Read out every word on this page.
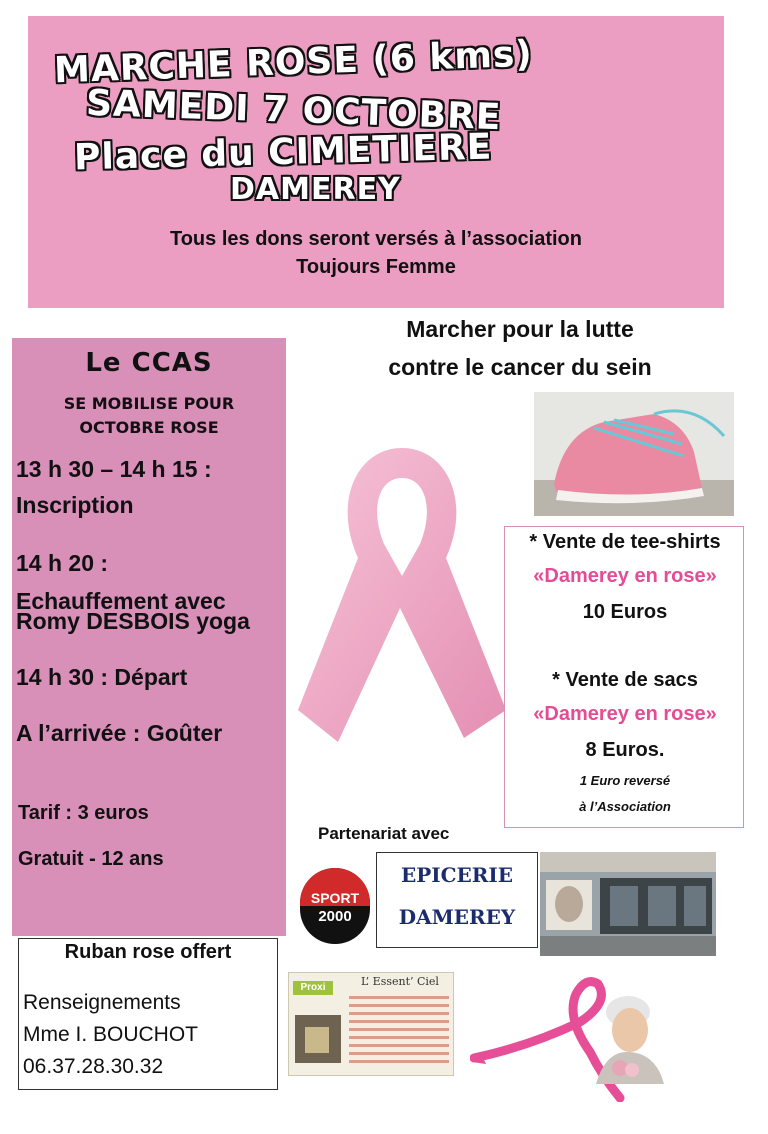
MARCHE ROSE (6 kms)
SAMEDI 7 OCTOBRE
Place du CIMETIERE
DAMEREY
Tous les dons seront versés à l’association
Toujours Femme
Marcher pour la lutte
contre le cancer du sein
Le CCAS
SE MOBILISE POUR
OCTOBRE ROSE
13 h 30 – 14 h 15 :
Inscription
14 h 20 :
Echauffement avec
Romy DESBOIS yoga
14 h 30 : Départ
A l’arrivée : Goûter
Tarif : 3 euros
Gratuit - 12 ans
Ruban rose offert
Renseignements
Mme I. BOUCHOT
06.37.28.30.32
* Vente de tee-shirts
«Damerey en rose»
10 Euros
* Vente de sacs
«Damerey en rose»
8 Euros.
1 Euro reversé
à l’Association
Partenariat avec
SPORT
2000
EPICERIE
DAMEREY
Proxi	L’ Essent’ Ciel
